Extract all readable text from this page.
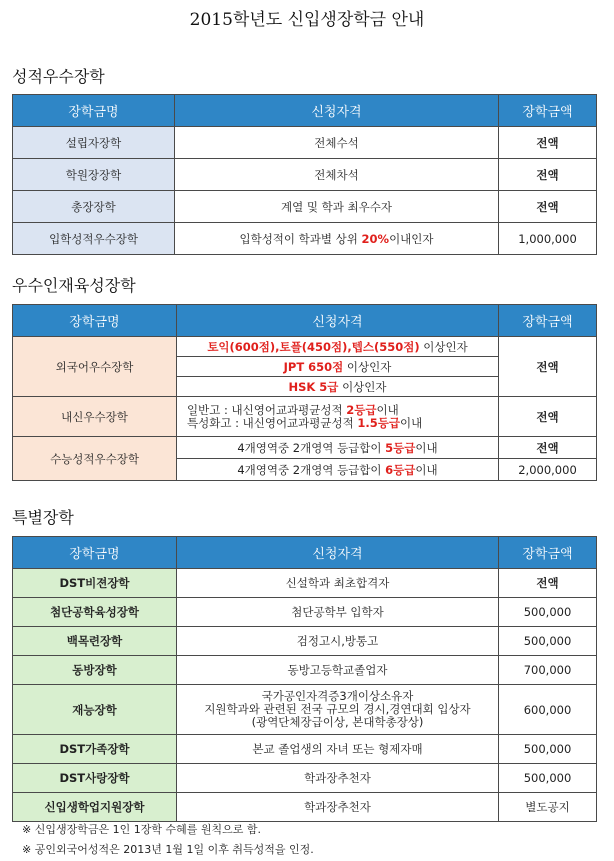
2015학년도 신입생장학금 안내
성적우수장학
장학금명	신청자격	장학금액
설립자장학	전체수석	전액
학원장장학	전체차석	전액
총장장학	계열 및 학과 최우수자	전액
입학성적우수장학	입학성적이 학과별 상위 20%이내인자	1,000,000
우수인재육성장학
장학금명	신청자격	장학금액
외국어우수장학	토익(600점),토플(450점),텝스(550점) 이상인자	전액
	JPT 650점 이상인자	
	HSK 5급 이상인자	
내신우수장학	일반고 : 내신영어교과평균성적 2등급이내
특성화고 : 내신영어교과평균성적 1.5등급이내	전액
수능성적우수장학	4개영역중 2개영역 등급합이 5등급이내	전액
	4개영역중 2개영역 등급합이 6등급이내	2,000,000
특별장학
장학금명	신청자격	장학금액
DST비젼장학	신설학과 최초합격자	전액
첨단공학육성장학	첨단공학부 입학자	500,000
백목련장학	검정고시,방통고	500,000
동방장학	동방고등학교졸업자	700,000
재능장학	국가공인자격증3개이상소유자
지원학과와 관련된 전국 규모의 경시,경연대회 입상자
(광역단체장급이상, 본대학총장상)	600,000
DST가족장학	본교 졸업생의 자녀 또는 형제자매	500,000
DST사랑장학	학과장추천자	500,000
신입생학업지원장학	학과장추천자	별도공지
※ 신입생장학금은 1인 1장학 수혜를 원칙으로 함.
※ 공인외국어성적은 2013년 1월 1일 이후 취득성적을 인정.
